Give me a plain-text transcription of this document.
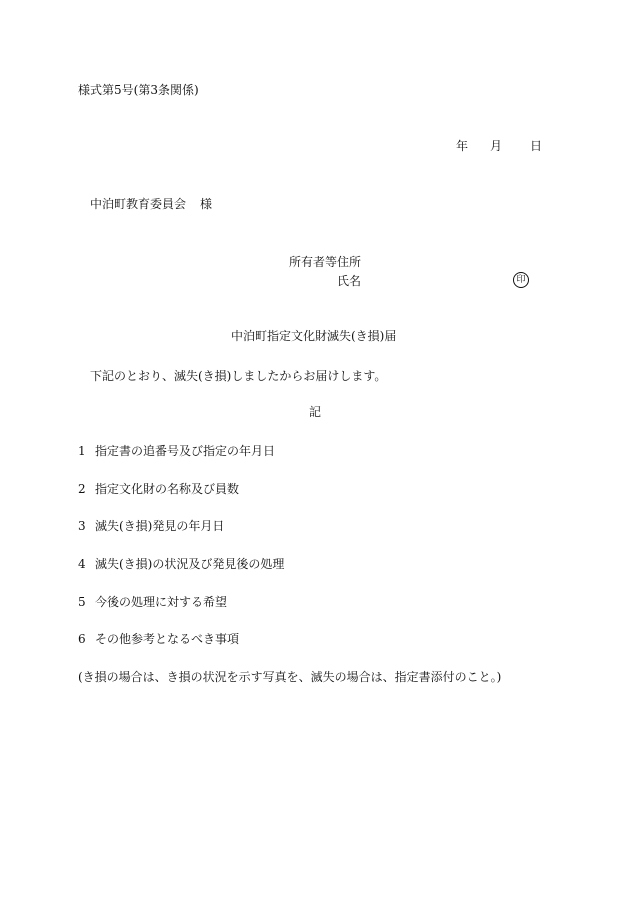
様式第5号(第3条関係)
年 月 日
中泊町教育委員会 様
所有者等住所
氏名	印
中泊町指定文化財滅失(き損)届
下記のとおり、滅失(き損)しましたからお届けします。
記
1 指定書の追番号及び指定の年月日
2 指定文化財の名称及び員数
3 滅失(き損)発見の年月日
4 滅失(き損)の状況及び発見後の処理
5 今後の処理に対する希望
6 その他参考となるべき事項
(き損の場合は、き損の状況を示す写真を、滅失の場合は、指定書添付のこと。)
